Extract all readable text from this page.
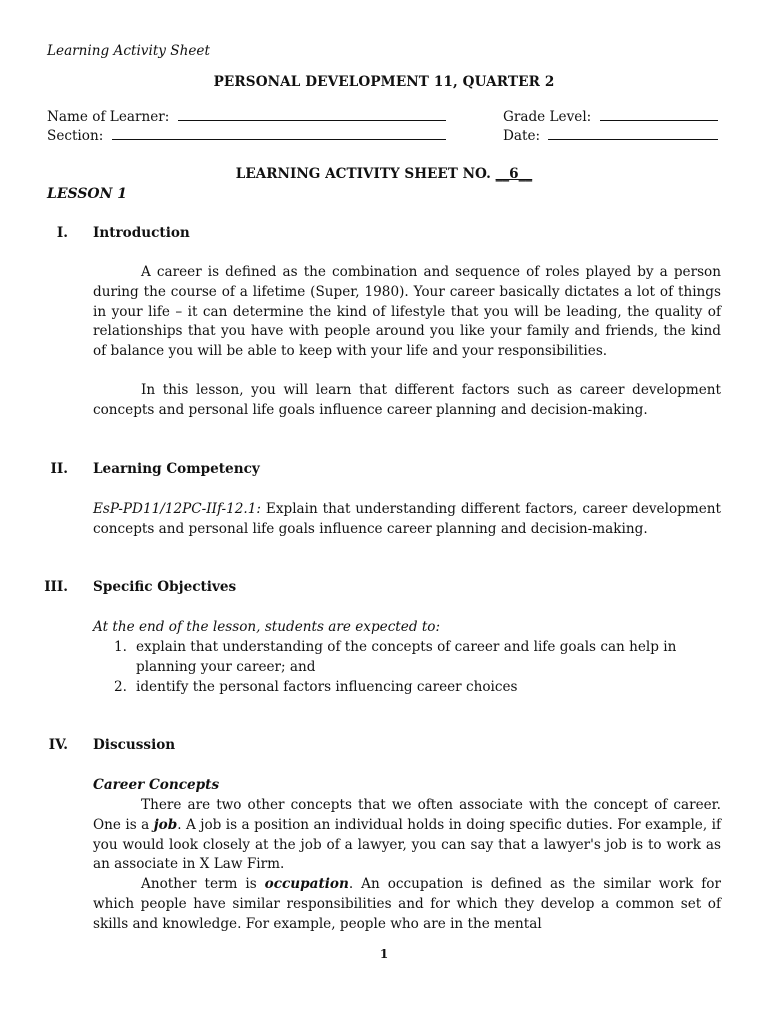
Learning Activity Sheet
PERSONAL DEVELOPMENT 11, QUARTER 2
Name of Learner:
Section:
Grade Level:
Date:
LEARNING ACTIVITY SHEET NO. __6__
LESSON 1
I. Introduction

A career is defined as the combination and sequence of roles played by a person during the course of a lifetime (Super, 1980). Your career basically dictates a lot of things in your life – it can determine the kind of lifestyle that you will be leading, the quality of relationships that you have with people around you like your family and friends, the kind of balance you will be able to keep with your life and your responsibilities.

In this lesson, you will learn that different factors such as career development concepts and personal life goals influence career planning and decision-making.

II. Learning Competency

EsP-PD11/12PC-IIf-12.1: Explain that understanding different factors, career development concepts and personal life goals influence career planning and decision-making.

III. Specific Objectives
At the end of the lesson, students are expected to:
1. explain that understanding of the concepts of career and life goals can help in planning your career; and
2. identify the personal factors influencing career choices
IV. Discussion
Career Concepts

There are two other concepts that we often associate with the concept of career. One is a job. A job is a position an individual holds in doing specific duties. For example, if you would look closely at the job of a lawyer, you can say that a lawyer's job is to work as an associate in X Law Firm.

Another term is occupation. An occupation is defined as the similar work for which people have similar responsibilities and for which they develop a common set of skills and knowledge. For example, people who are in the mental

1
